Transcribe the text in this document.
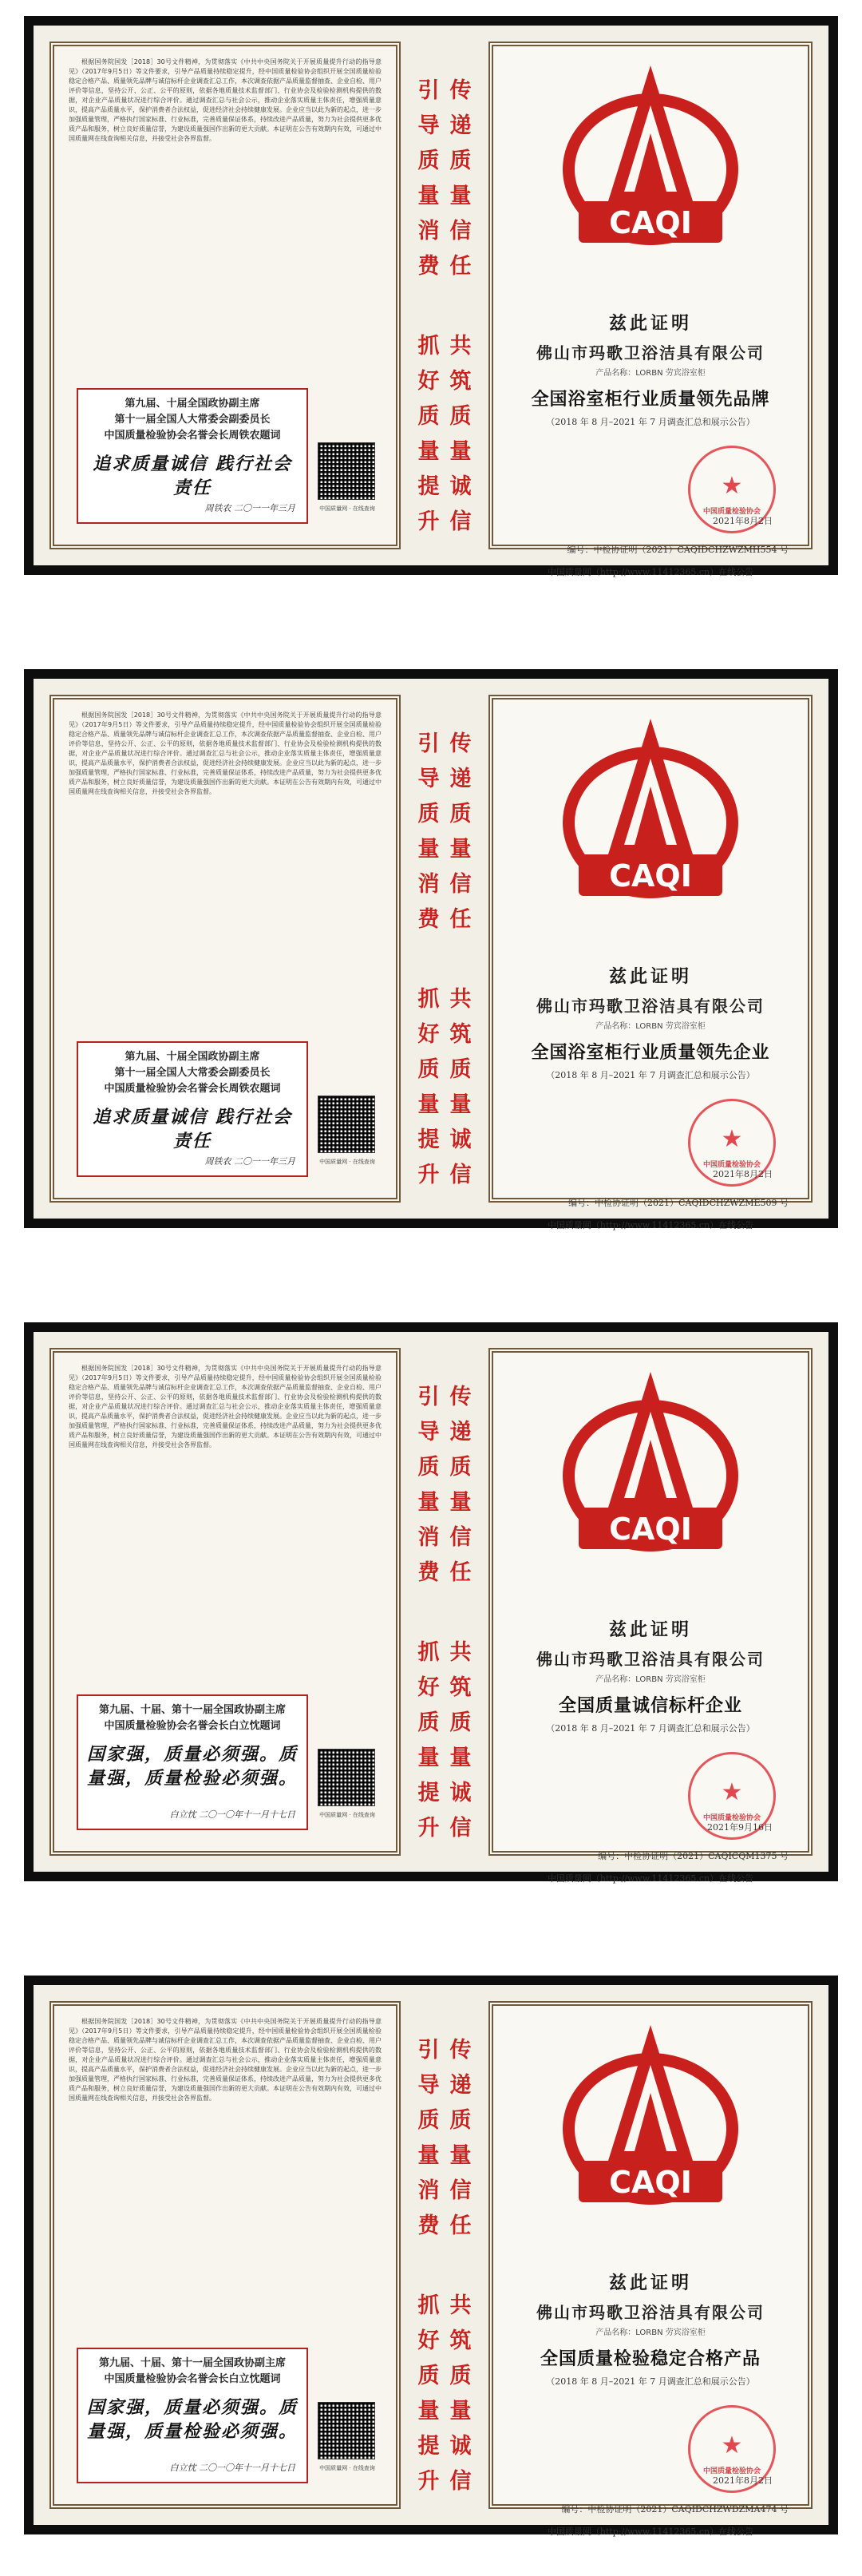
根据国务院国发［2018］30号文件精神，为贯彻落实《中共中央国务院关于开展质量提升行动的指导意见》（2017年9月5日）等文件要求，引导产品质量持续稳定提升，经中国质量检验协会组织开展全国质量检验稳定合格产品、质量领先品牌与诚信标杆企业调查汇总工作，本次调查依据产品质量监督抽查、企业自检、用户评价等信息，坚持公开、公正、公平的原则，依据各地质量技术监督部门、行业协会及检验检测机构提供的数据，对企业产品质量状况进行综合评价。通过调查汇总与社会公示，推动企业落实质量主体责任，增强质量意识，提高产品质量水平，保护消费者合法权益，促进经济社会持续健康发展。企业应当以此为新的起点，进一步加强质量管理，严格执行国家标准、行业标准，完善质量保证体系，持续改进产品质量，努力为社会提供更多优质产品和服务，树立良好质量信誉，为建设质量强国作出新的更大贡献。本证明在公告有效期内有效，可通过中国质量网在线查询相关信息，并接受社会各界监督。

第九届、十届全国政协副主席
第十一届全国人大常委会副委员长
中国质量检验协会名誉会长周铁农题词
追求质量诚信 践行社会责任
周铁农 二〇一一年三月	中国质量网 · 在线查询
引导质量消费
传递质量信任
共筑质量诚信
抓好质量提升
CAQI
兹此证明
佛山市玛歌卫浴洁具有限公司
产品名称：LORBN 劳宾浴室柜
全国浴室柜行业质量领先品牌
（2018 年 8 月–2021 年 7 月调查汇总和展示公告）
★
中国质量检验协会
2021年8月2日
编号：中检协证明（2021）CAQIDCHZWZMH554 号
中国质量网（http://www.11412365.cn）在线公告

根据国务院国发［2018］30号文件精神，为贯彻落实《中共中央国务院关于开展质量提升行动的指导意见》（2017年9月5日）等文件要求，引导产品质量持续稳定提升，经中国质量检验协会组织开展全国质量检验稳定合格产品、质量领先品牌与诚信标杆企业调查汇总工作，本次调查依据产品质量监督抽查、企业自检、用户评价等信息，坚持公开、公正、公平的原则，依据各地质量技术监督部门、行业协会及检验检测机构提供的数据，对企业产品质量状况进行综合评价。通过调查汇总与社会公示，推动企业落实质量主体责任，增强质量意识，提高产品质量水平，保护消费者合法权益，促进经济社会持续健康发展。企业应当以此为新的起点，进一步加强质量管理，严格执行国家标准、行业标准，完善质量保证体系，持续改进产品质量，努力为社会提供更多优质产品和服务，树立良好质量信誉，为建设质量强国作出新的更大贡献。本证明在公告有效期内有效，可通过中国质量网在线查询相关信息，并接受社会各界监督。

第九届、十届全国政协副主席
第十一届全国人大常委会副委员长
中国质量检验协会名誉会长周铁农题词
追求质量诚信 践行社会责任
周铁农 二〇一一年三月	中国质量网 · 在线查询
引导质量消费
传递质量信任
共筑质量诚信
抓好质量提升
CAQI
兹此证明
佛山市玛歌卫浴洁具有限公司
产品名称：LORBN 劳宾浴室柜
全国浴室柜行业质量领先企业
（2018 年 8 月–2021 年 7 月调查汇总和展示公告）
★
中国质量检验协会
2021年8月2日
编号：中检协证明（2021）CAQIDCHZWZME509 号
中国质量网（http://www.11412365.cn）在线公告

根据国务院国发［2018］30号文件精神，为贯彻落实《中共中央国务院关于开展质量提升行动的指导意见》（2017年9月5日）等文件要求，引导产品质量持续稳定提升，经中国质量检验协会组织开展全国质量检验稳定合格产品、质量领先品牌与诚信标杆企业调查汇总工作，本次调查依据产品质量监督抽查、企业自检、用户评价等信息，坚持公开、公正、公平的原则，依据各地质量技术监督部门、行业协会及检验检测机构提供的数据，对企业产品质量状况进行综合评价。通过调查汇总与社会公示，推动企业落实质量主体责任，增强质量意识，提高产品质量水平，保护消费者合法权益，促进经济社会持续健康发展。企业应当以此为新的起点，进一步加强质量管理，严格执行国家标准、行业标准，完善质量保证体系，持续改进产品质量，努力为社会提供更多优质产品和服务，树立良好质量信誉，为建设质量强国作出新的更大贡献。本证明在公告有效期内有效，可通过中国质量网在线查询相关信息，并接受社会各界监督。

第九届、十届、第十一届全国政协副主席
中国质量检验协会名誉会长白立忱题词
国家强，质量必须强。质量强，质量检验必须强。
白立忱 二〇一〇年十一月十七日	中国质量网 · 在线查询
引导质量消费
传递质量信任
共筑质量诚信
抓好质量提升
CAQI
兹此证明
佛山市玛歌卫浴洁具有限公司
产品名称：LORBN 劳宾浴室柜
全国质量诚信标杆企业
（2018 年 8 月–2021 年 7 月调查汇总和展示公告）
★
中国质量检验协会
2021年9月16日
编号：中检协证明（2021）CAQICQM1375 号
中国质量网（http://www.11412365.cn）在线公告

根据国务院国发［2018］30号文件精神，为贯彻落实《中共中央国务院关于开展质量提升行动的指导意见》（2017年9月5日）等文件要求，引导产品质量持续稳定提升，经中国质量检验协会组织开展全国质量检验稳定合格产品、质量领先品牌与诚信标杆企业调查汇总工作，本次调查依据产品质量监督抽查、企业自检、用户评价等信息，坚持公开、公正、公平的原则，依据各地质量技术监督部门、行业协会及检验检测机构提供的数据，对企业产品质量状况进行综合评价。通过调查汇总与社会公示，推动企业落实质量主体责任，增强质量意识，提高产品质量水平，保护消费者合法权益，促进经济社会持续健康发展。企业应当以此为新的起点，进一步加强质量管理，严格执行国家标准、行业标准，完善质量保证体系，持续改进产品质量，努力为社会提供更多优质产品和服务，树立良好质量信誉，为建设质量强国作出新的更大贡献。本证明在公告有效期内有效，可通过中国质量网在线查询相关信息，并接受社会各界监督。

第九届、十届、第十一届全国政协副主席
中国质量检验协会名誉会长白立忱题词
国家强，质量必须强。质量强，质量检验必须强。
白立忱 二〇一〇年十一月十七日	中国质量网 · 在线查询
引导质量消费
传递质量信任
共筑质量诚信
抓好质量提升
CAQI
兹此证明
佛山市玛歌卫浴洁具有限公司
产品名称：LORBN 劳宾浴室柜
全国质量检验稳定合格产品
（2018 年 8 月–2021 年 7 月调查汇总和展示公告）
★
中国质量检验协会
2021年8月2日
编号：中检协证明（2021）CAQIDCHZWDZMA474 号
中国质量网（http://www.11412365.cn）在线公告
